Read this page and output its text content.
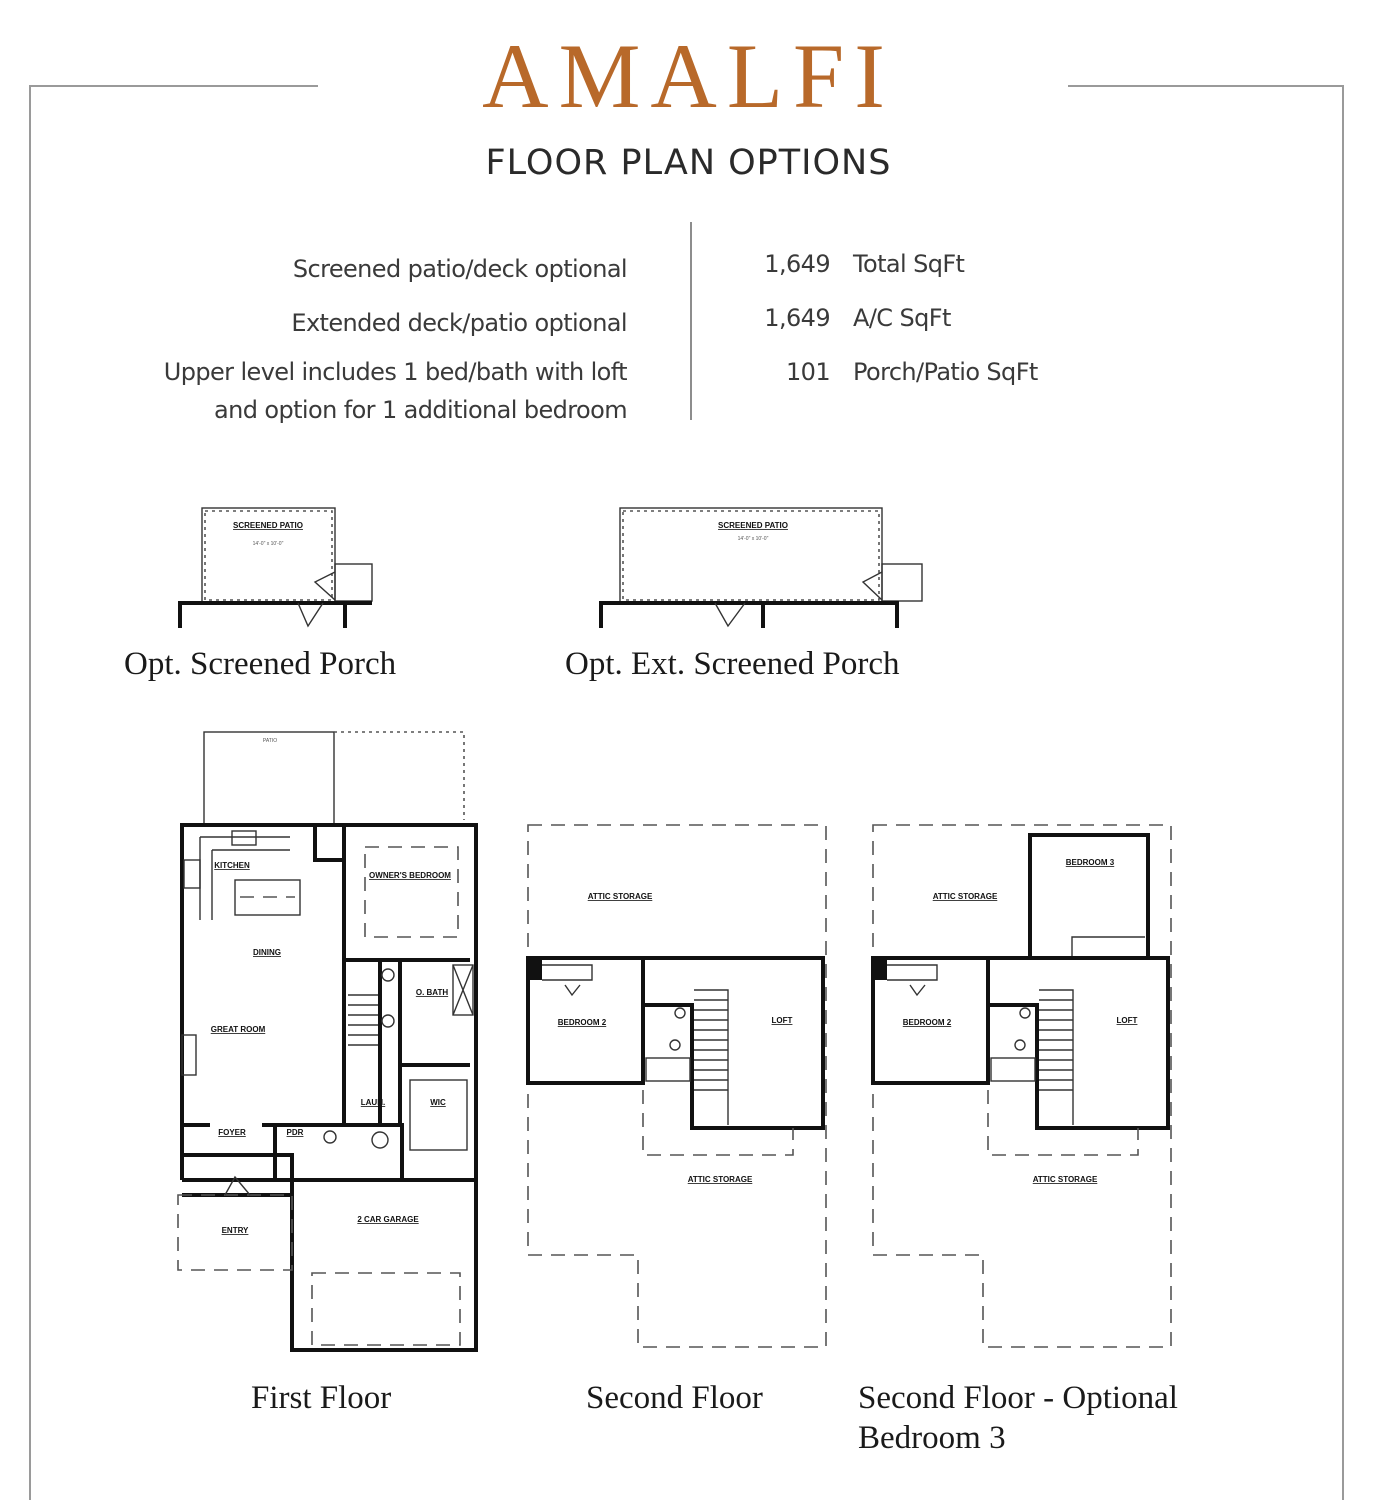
AMALFI
FLOOR PLAN OPTIONS
Screened patio/deck optional
Extended deck/patio optional
Upper level includes 1 bed/bath with loft
and option for 1 additional bedroom
1,649 Total SqFt
1,649 A/C SqFt
101 Porch/Patio SqFt
SCREENED PATIO
14'-0" x 10'-0"
Opt. Screened Porch
SCREENED PATIO
14'-0" x 10'-0"
Opt. Ext. Screened Porch
PATIO
KITCHEN
OWNER'S BEDROOM
DINING
O. BATH
GREAT ROOM
LAUN.	WIC
FOYER	PDR
ENTRY
2 CAR GARAGE
First Floor
ATTIC STORAGE
BEDROOM 2	LOFT
ATTIC STORAGE
Second Floor
ATTIC STORAGE
BEDROOM 3
BEDROOM 2	LOFT
ATTIC STORAGE
Second Floor - Optional
Bedroom 3
